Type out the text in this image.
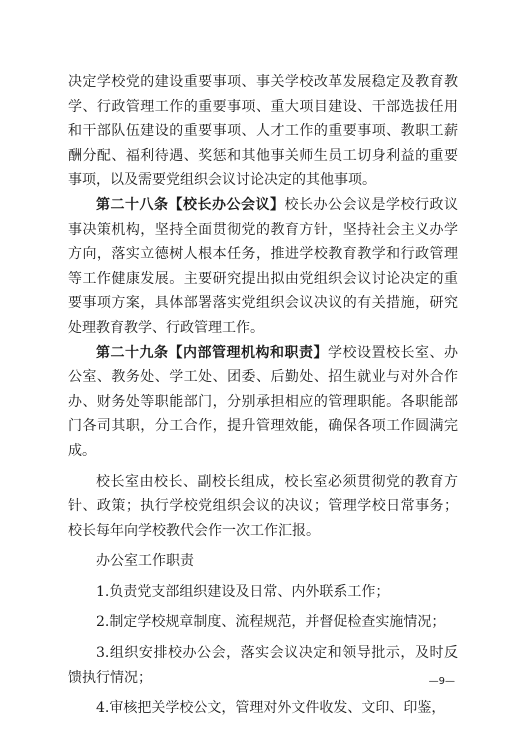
决定学校党的建设重要事项、事关学校改革发展稳定及教育教学、行政管理工作的重要事项、重大项目建设、干部选拔任用和干部队伍建设的重要事项、人才工作的重要事项、教职工薪酬分配、福利待遇、奖惩和其他事关师生员工切身利益的重要事项，以及需要党组织会议讨论决定的其他事项。

第二十八条【校长办公会议】校长办公会议是学校行政议事决策机构，坚持全面贯彻党的教育方针，坚持社会主义办学方向，落实立德树人根本任务，推进学校教育教学和行政管理等工作健康发展。主要研究提出拟由党组织会议讨论决定的重要事项方案，具体部署落实党组织会议决议的有关措施，研究处理教育教学、行政管理工作。

第二十九条【内部管理机构和职责】学校设置校长室、办公室、教务处、学工处、团委、后勤处、招生就业与对外合作办、财务处等职能部门，分别承担相应的管理职能。各职能部门各司其职，分工合作，提升管理效能，确保各项工作圆满完成。

校长室由校长、副校长组成，校长室必须贯彻党的教育方针、政策；执行学校党组织会议的决议；管理学校日常事务；校长每年向学校教代会作一次工作汇报。

办公室工作职责

1.负责党支部组织建设及日常、内外联系工作；

2.制定学校规章制度、流程规范，并督促检查实施情况；

3.组织安排校办公会，落实会议决定和领导批示，及时反馈执行情况；

4.审核把关学校公文，管理对外文件收发、文印、印鉴，

—9—
